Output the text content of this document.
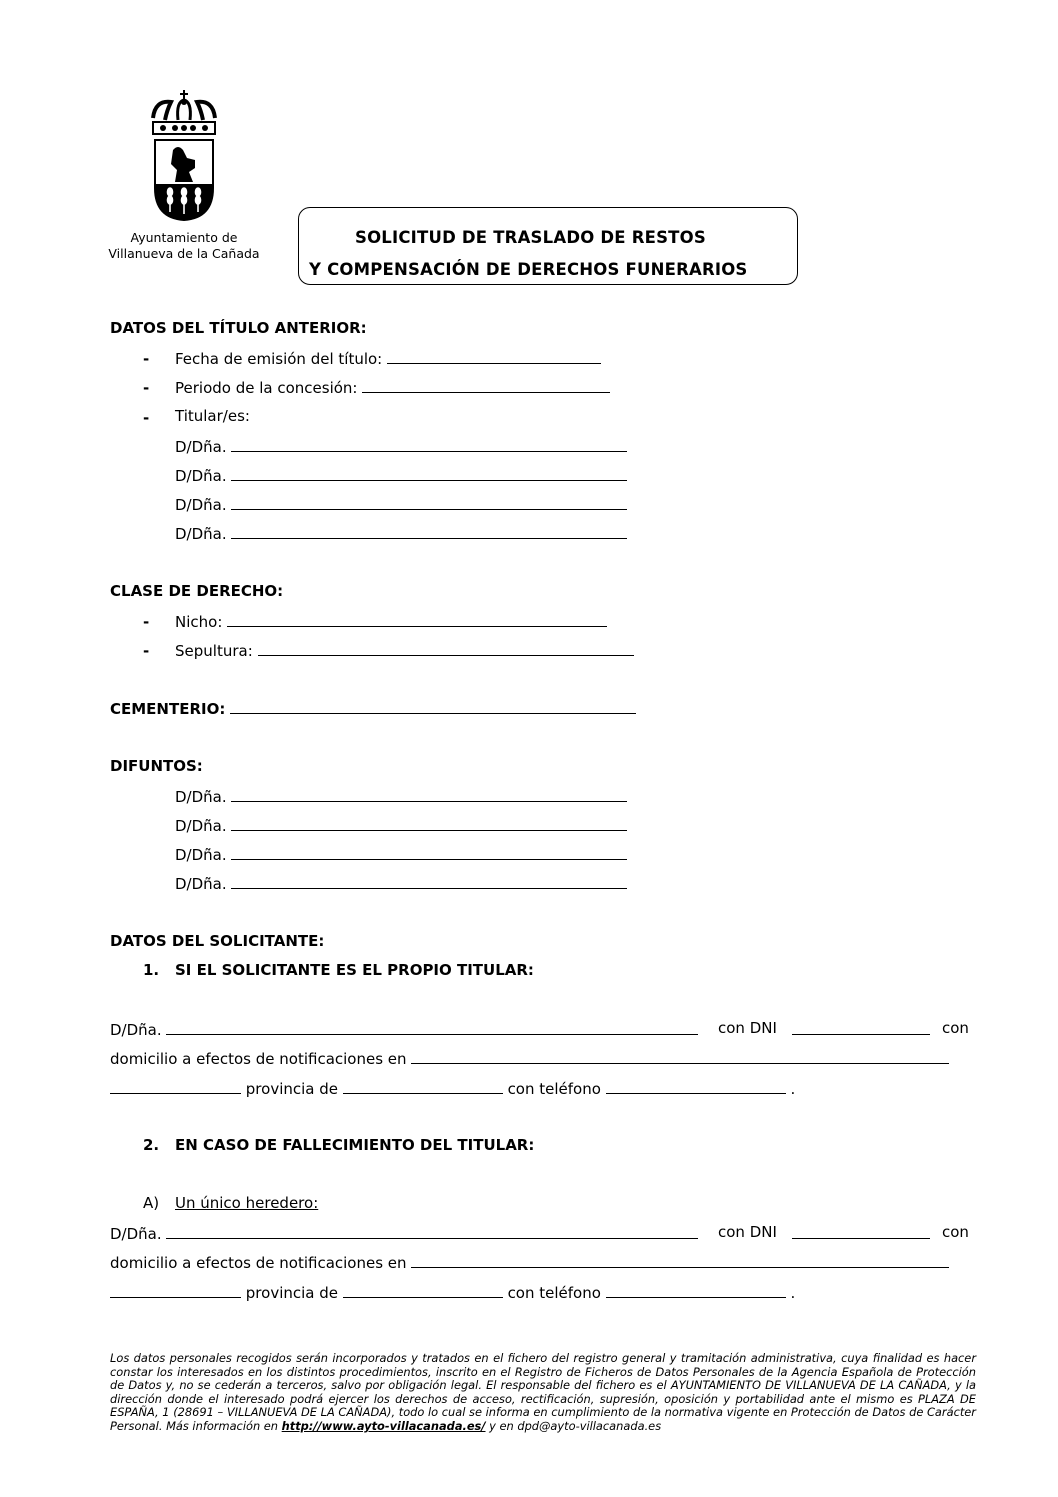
Ayuntamiento de
Villanueva de la Cañada
SOLICITUD DE TRASLADO DE RESTOS
Y COMPENSACIÓN DE DERECHOS FUNERARIOS
DATOS DEL TÍTULO ANTERIOR:
- Fecha de emisión del título:
- Periodo de la concesión:
- Titular/es:
D/Dña.
D/Dña.
D/Dña.
D/Dña.
CLASE DE DERECHO:
- Nicho:
- Sepultura:
CEMENTERIO:
DIFUNTOS:
D/Dña.
D/Dña.
D/Dña.
D/Dña.
DATOS DEL SOLICITANTE:
1. SI EL SOLICITANTE ES EL PROPIO TITULAR:
D/Dña.	con DNI	con
domicilio a efectos de notificaciones en
provincia de	con teléfono	.
2. EN CASO DE FALLECIMIENTO DEL TITULAR:
A) Un único heredero:
D/Dña.	con DNI	con
domicilio a efectos de notificaciones en
provincia de	con teléfono	.
Los datos personales recogidos serán incorporados y tratados en el fichero del registro general y tramitación administrativa, cuya finalidad es hacer constar los interesados en los distintos procedimientos, inscrito en el Registro de Ficheros de Datos Personales de la Agencia Española de Protección de Datos y, no se cederán a terceros, salvo por obligación legal. El responsable del fichero es el AYUNTAMIENTO DE VILLANUEVA DE LA CAÑADA, y la dirección donde el interesado podrá ejercer los derechos de acceso, rectificación, supresión, oposición y portabilidad ante el mismo es PLAZA DE ESPAÑA, 1 (28691 – VILLANUEVA DE LA CAÑADA), todo lo cual se informa en cumplimiento de la normativa vigente en Protección de Datos de Carácter Personal. Más información en http://www.ayto-villacanada.es/ y en dpd@ayto-villacanada.es
